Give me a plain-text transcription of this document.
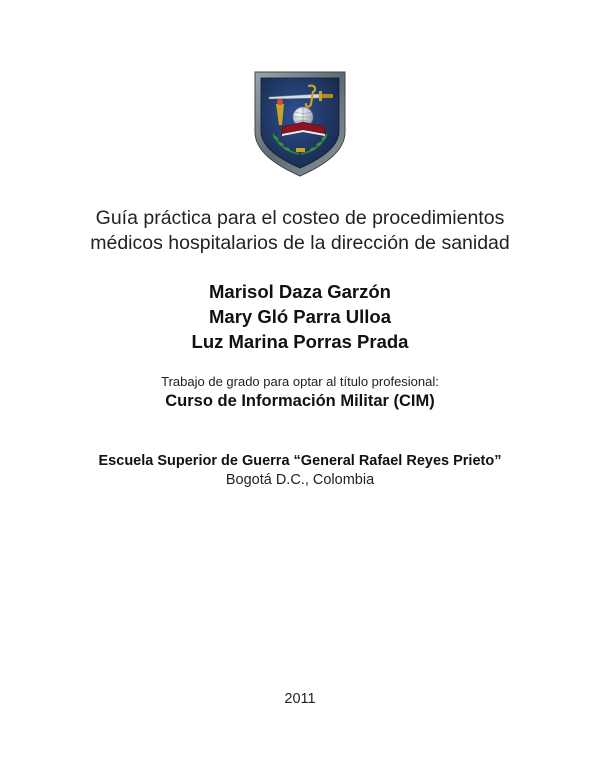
Guía práctica para el costeo de procedimientos
médicos hospitalarios de la dirección de sanidad
Marisol Daza Garzón
Mary Gló Parra Ulloa
Luz Marina Porras Prada
Trabajo de grado para optar al título profesional:
Curso de Información Militar (CIM)
Escuela Superior de Guerra “General Rafael Reyes Prieto”
Bogotá D.C., Colombia
2011
